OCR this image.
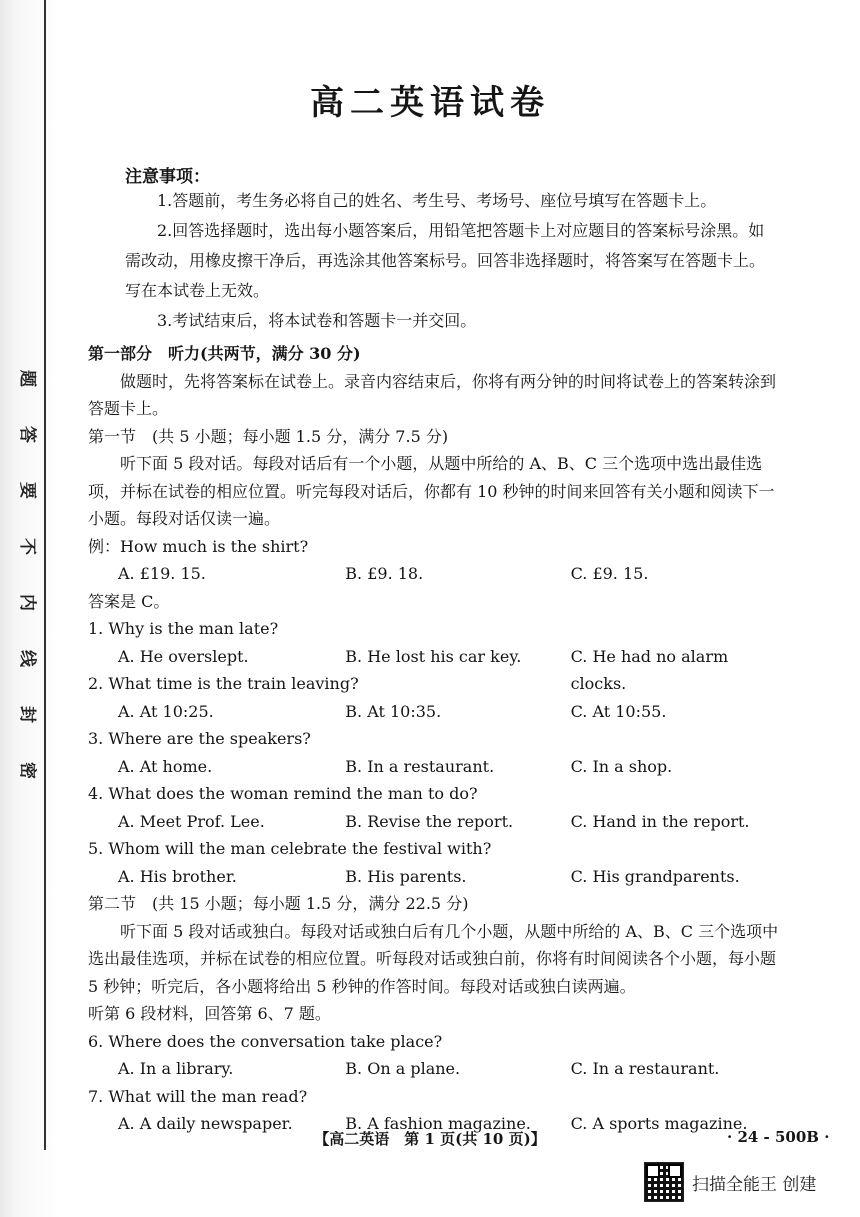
题
答
要
不
内
线
封
密
高二英语试卷
注意事项：

1.答题前，考生务必将自己的姓名、考生号、考场号、座位号填写在答题卡上。

2.回答选择题时，选出每小题答案后，用铅笔把答题卡上对应题目的答案标号涂黑。如需改动，用橡皮擦干净后，再选涂其他答案标号。回答非选择题时，将答案写在答题卡上。写在本试卷上无效。

3.考试结束后，将本试卷和答题卡一并交回。

第一部分　听力(共两节，满分 30 分)

做题时，先将答案标在试卷上。录音内容结束后，你将有两分钟的时间将试卷上的答案转涂到答题卡上。

第一节　(共 5 小题；每小题 1.5 分，满分 7.5 分)

听下面 5 段对话。每段对话后有一个小题，从题中所给的 A、B、C 三个选项中选出最佳选项，并标在试卷的相应位置。听完每段对话后，你都有 10 秒钟的时间来回答有关小题和阅读下一小题。每段对话仅读一遍。

例：How much is the shirt?

A. £19. 15.	B. £9. 18.	C. £9. 15.

答案是 C。

1. Why is the man late?

A. He overslept.	B. He lost his car key.	C. He had no alarm clocks.

2. What time is the train leaving?

A. At 10:25.	B. At 10:35.	C. At 10:55.

3. Where are the speakers?

A. At home.	B. In a restaurant.	C. In a shop.

4. What does the woman remind the man to do?

A. Meet Prof. Lee.	B. Revise the report.	C. Hand in the report.

5. Whom will the man celebrate the festival with?

A. His brother.	B. His parents.	C. His grandparents.

第二节　(共 15 小题；每小题 1.5 分，满分 22.5 分)

听下面 5 段对话或独白。每段对话或独白后有几个小题，从题中所给的 A、B、C 三个选项中选出最佳选项，并标在试卷的相应位置。听每段对话或独白前，你将有时间阅读各个小题，每小题 5 秒钟；听完后，各小题将给出 5 秒钟的作答时间。每段对话或独白读两遍。

听第 6 段材料，回答第 6、7 题。

6. Where does the conversation take place?

A. In a library.	B. On a plane.	C. In a restaurant.

7. What will the man read?

A. A daily newspaper.	B. A fashion magazine.	C. A sports magazine.
【高二英语　第 1 页(共 10 页)】	· 24 - 500B ·
扫描全能王 创建
